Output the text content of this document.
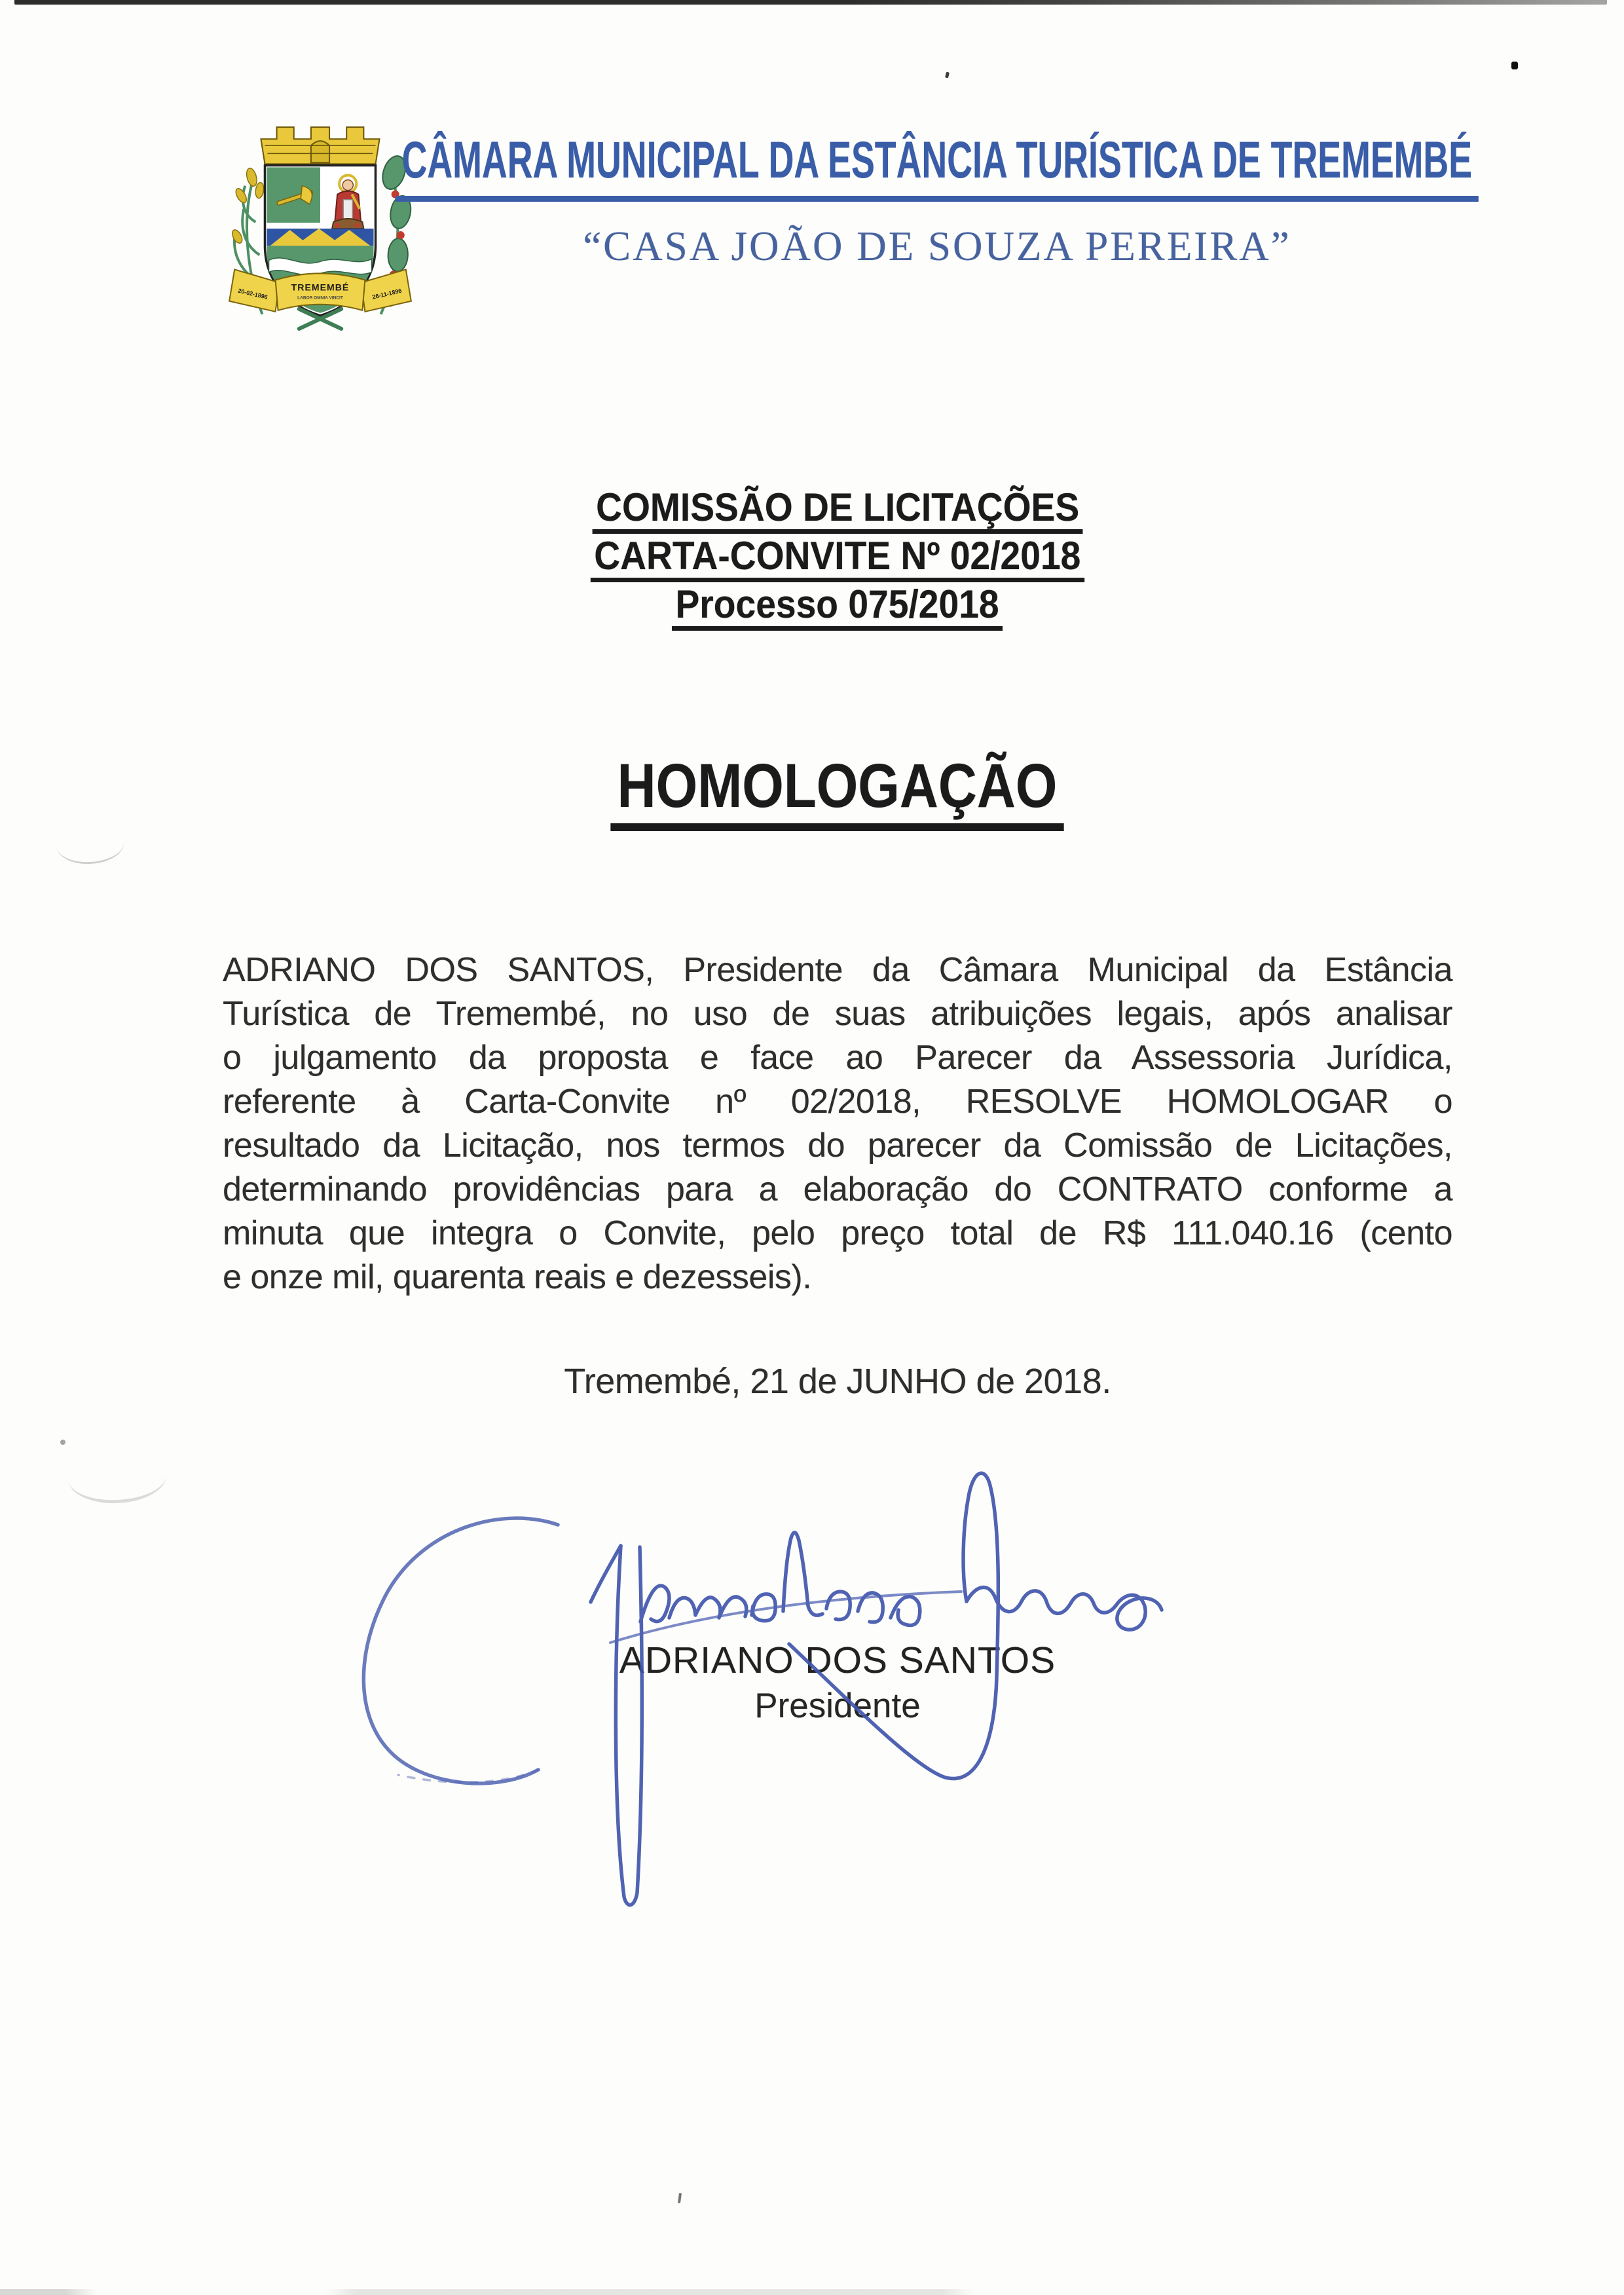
TREMEMBÉ
LABOR OMNIA VINCIT
20-02-1896	26-11-1896
CÂMARA MUNICIPAL DA ESTÂNCIA TURÍSTICA DE TREMEMBÉ
“CASA JOÃO DE SOUZA PEREIRA”
COMISSÃO DE LICITAÇÕES
CARTA-CONVITE Nº 02/2018
Processo 075/2018
HOMOLOGAÇÃO
ADRIANO DOS SANTOS, Presidente da Câmara Municipal da Estância
Turística de Tremembé, no uso de suas atribuições legais, após analisar
o julgamento da proposta e face ao Parecer da Assessoria Jurídica,
referente à Carta-Convite nº 02/2018, RESOLVE HOMOLOGAR o
resultado da Licitação, nos termos do parecer da Comissão de Licitações,
determinando providências para a elaboração do CONTRATO conforme a
minuta que integra o Convite, pelo preço total de R$ 111.040.16 (cento
e onze mil, quarenta reais e dezesseis).
Tremembé, 21 de JUNHO de 2018.
ADRIANO DOS SANTOS
Presidente
